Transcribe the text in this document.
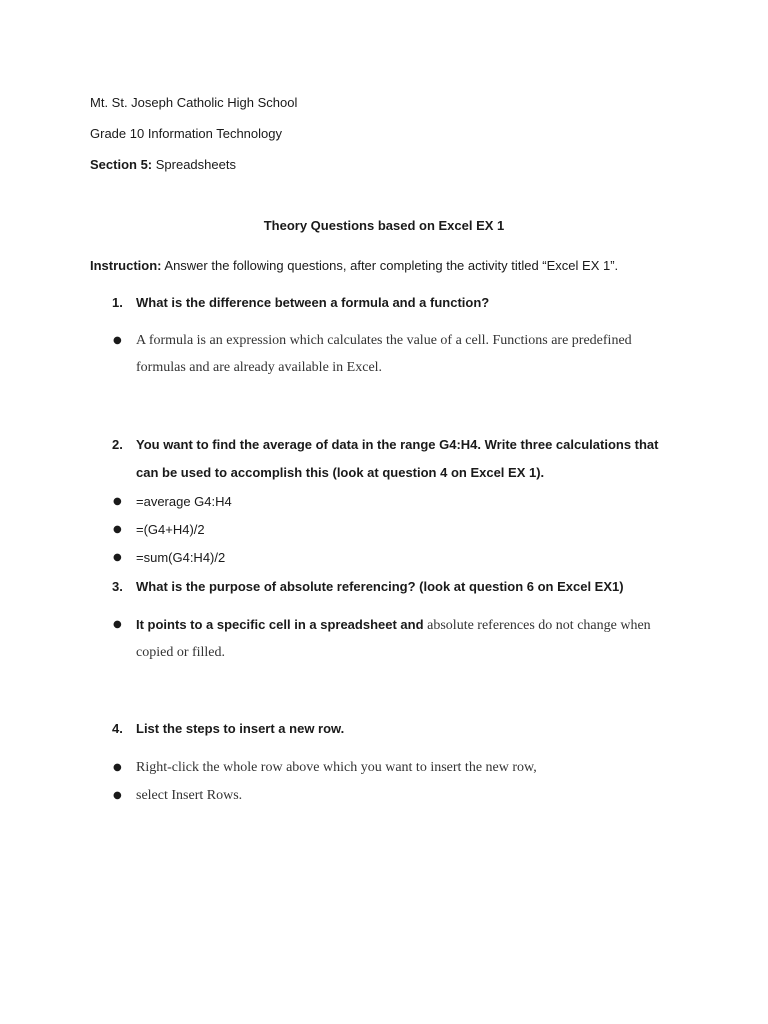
Mt. St. Joseph Catholic High School
Grade 10 Information Technology
Section 5: Spreadsheets
Theory Questions based on Excel EX 1
Instruction: Answer the following questions, after completing the activity titled “Excel EX 1”.
1. What is the difference between a formula and a function?
● A formula is an expression which calculates the value of a cell. Functions are predefined
formulas and are already available in Excel.
2. You want to find the average of data in the range G4:H4. Write three calculations that
can be used to accomplish this (look at question 4 on Excel EX 1).
● =average G4:H4
● =(G4+H4)/2
● =sum(G4:H4)/2
3. What is the purpose of absolute referencing? (look at question 6 on Excel EX1)
● It points to a specific cell in a spreadsheet and absolute references do not change when
copied or filled.
4. List the steps to insert a new row.
● Right-click the whole row above which you want to insert the new row,
● select Insert Rows.
